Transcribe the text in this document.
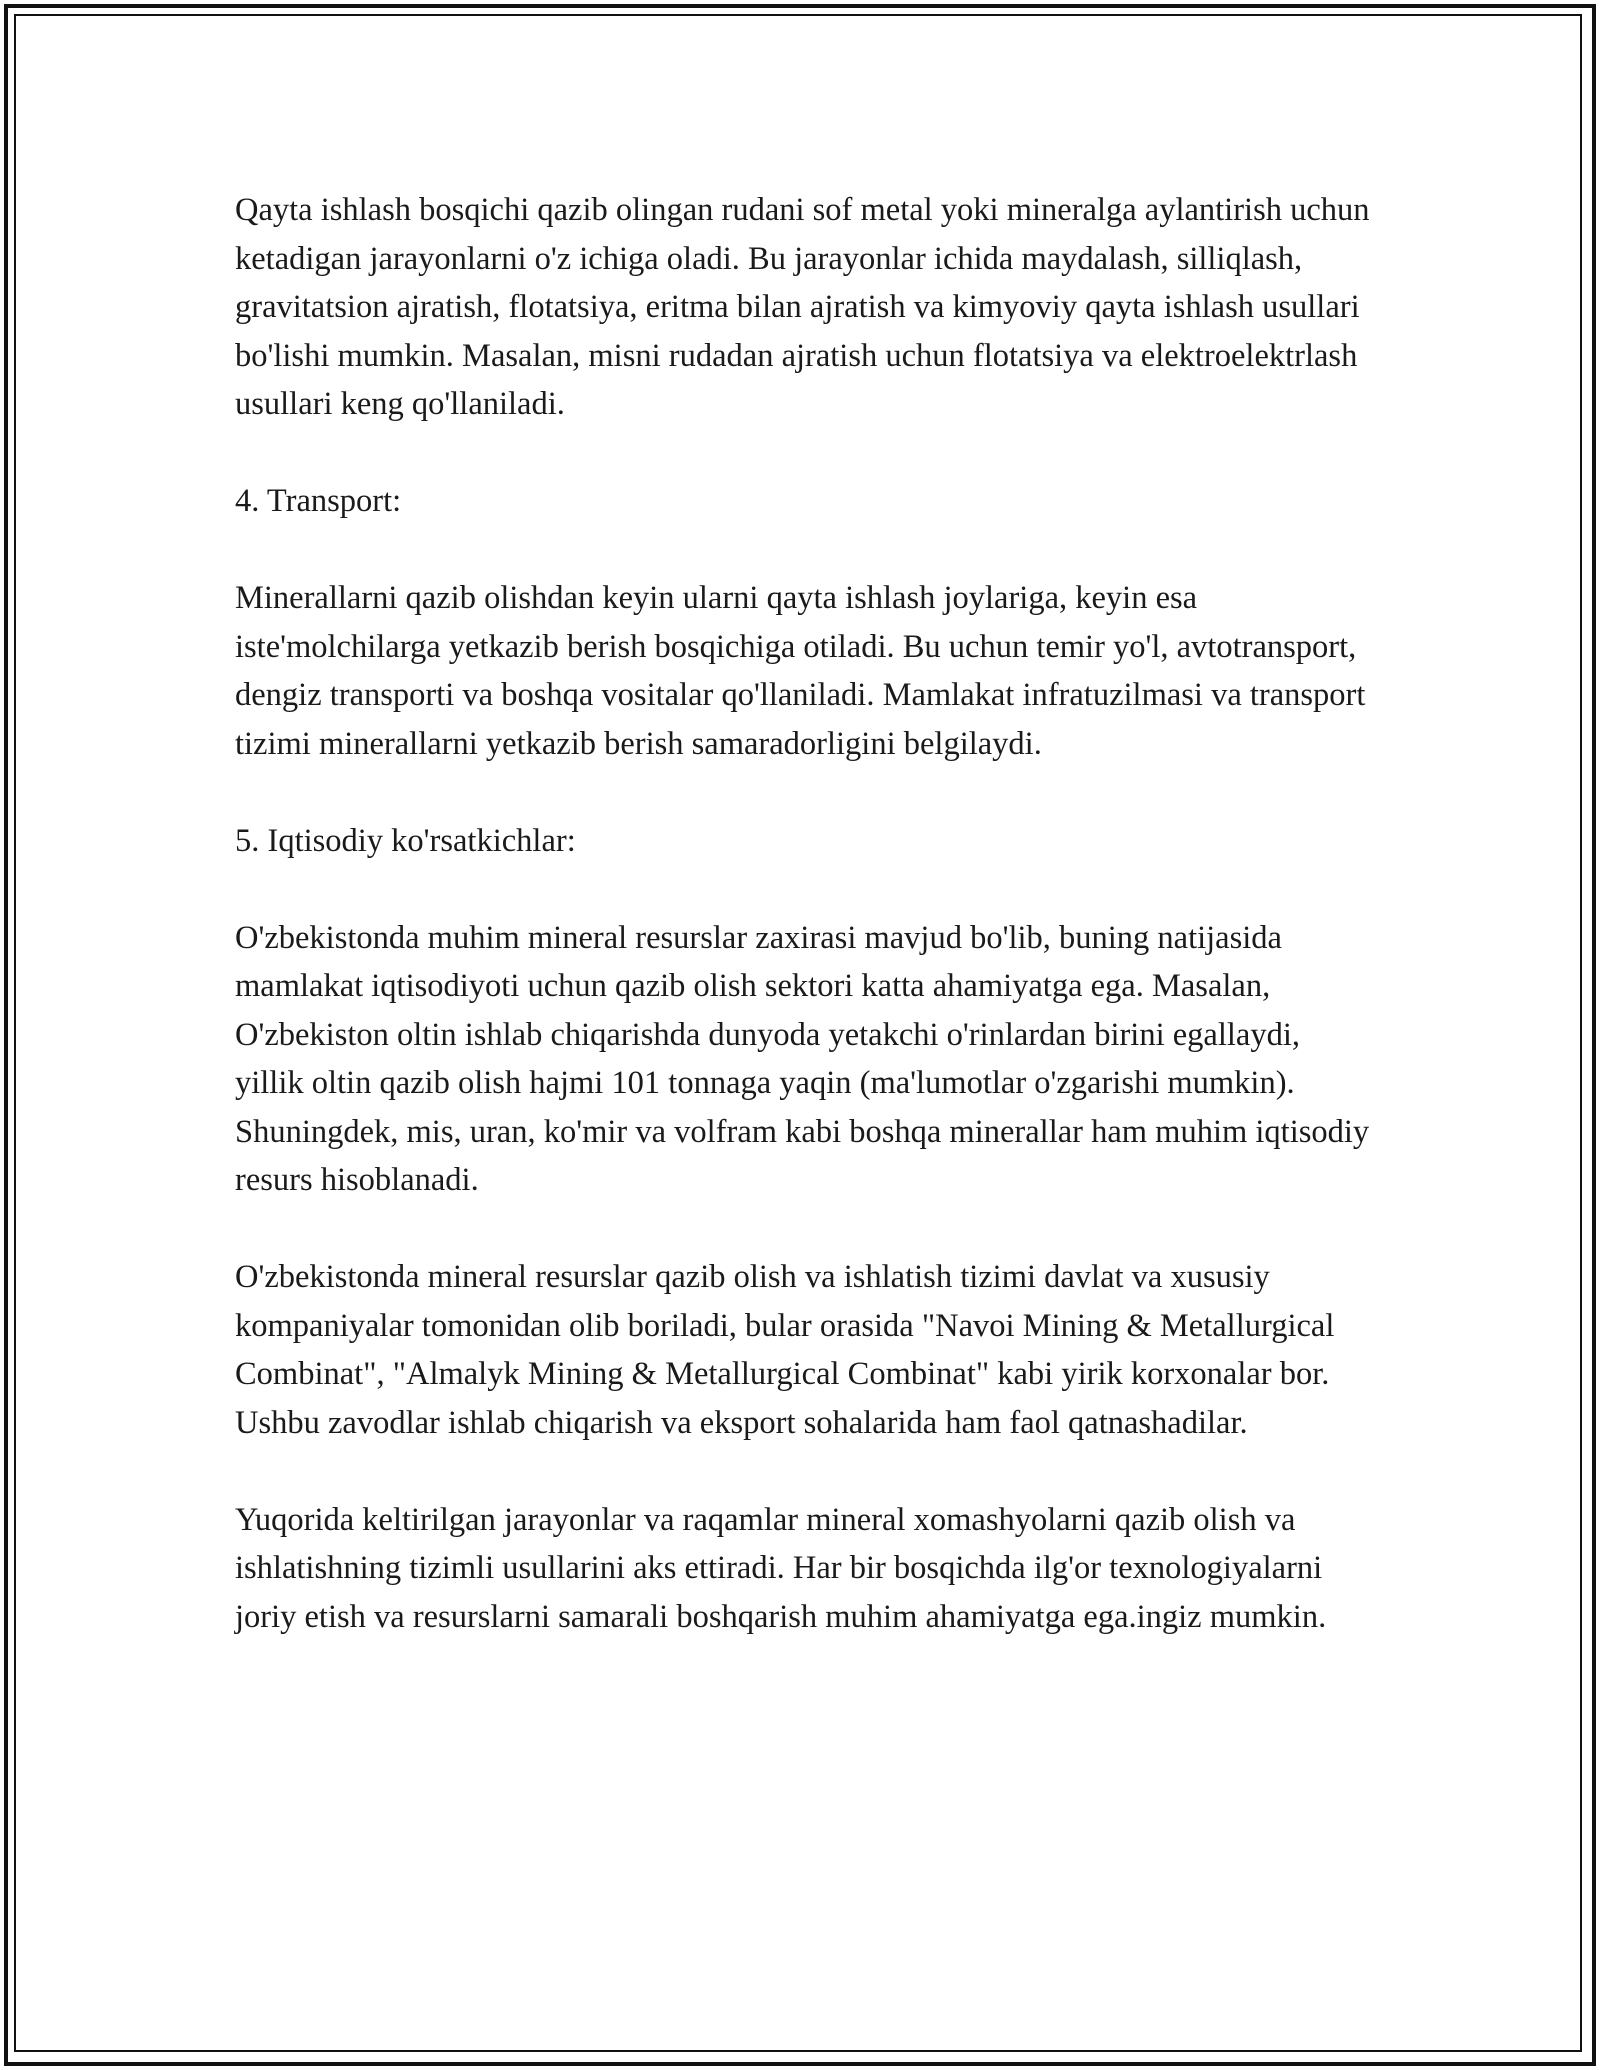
Qayta ishlash bosqichi qazib olingan rudani sof metal yoki mineralga aylantirish uchun ketadigan jarayonlarni o'z ichiga oladi. Bu jarayonlar ichida maydalash, silliqlash, gravitatsion ajratish, flotatsiya, eritma bilan ajratish va kimyoviy qayta ishlash usullari bo'lishi mumkin. Masalan, misni rudadan ajratish uchun flotatsiya va elektroelektrlash usullari keng qo'llaniladi.

4. Transport:

Minerallarni qazib olishdan keyin ularni qayta ishlash joylariga, keyin esa iste'molchilarga yetkazib berish bosqichiga otiladi. Bu uchun temir yo'l, avtotransport, dengiz transporti va boshqa vositalar qo'llaniladi. Mamlakat infratuzilmasi va transport tizimi minerallarni yetkazib berish samaradorligini belgilaydi.

5. Iqtisodiy ko'rsatkichlar:

O'zbekistonda muhim mineral resurslar zaxirasi mavjud bo'lib, buning natijasida mamlakat iqtisodiyoti uchun qazib olish sektori katta ahamiyatga ega. Masalan, O'zbekiston oltin ishlab chiqarishda dunyoda yetakchi o'rinlardan birini egallaydi, yillik oltin qazib olish hajmi 101 tonnaga yaqin (ma'lumotlar o'zgarishi mumkin). Shuningdek, mis, uran, ko'mir va volfram kabi boshqa minerallar ham muhim iqtisodiy resurs hisoblanadi.

O'zbekistonda mineral resurslar qazib olish va ishlatish tizimi davlat va xususiy kompaniyalar tomonidan olib boriladi, bular orasida "Navoi Mining & Metallurgical Combinat", "Almalyk Mining & Metallurgical Combinat" kabi yirik korxonalar bor. Ushbu zavodlar ishlab chiqarish va eksport sohalarida ham faol qatnashadilar.

Yuqorida keltirilgan jarayonlar va raqamlar mineral xomashyolarni qazib olish va ishlatishning tizimli usullarini aks ettiradi. Har bir bosqichda ilg'or texnologiyalarni joriy etish va resurslarni samarali boshqarish muhim ahamiyatga ega.ingiz mumkin.
